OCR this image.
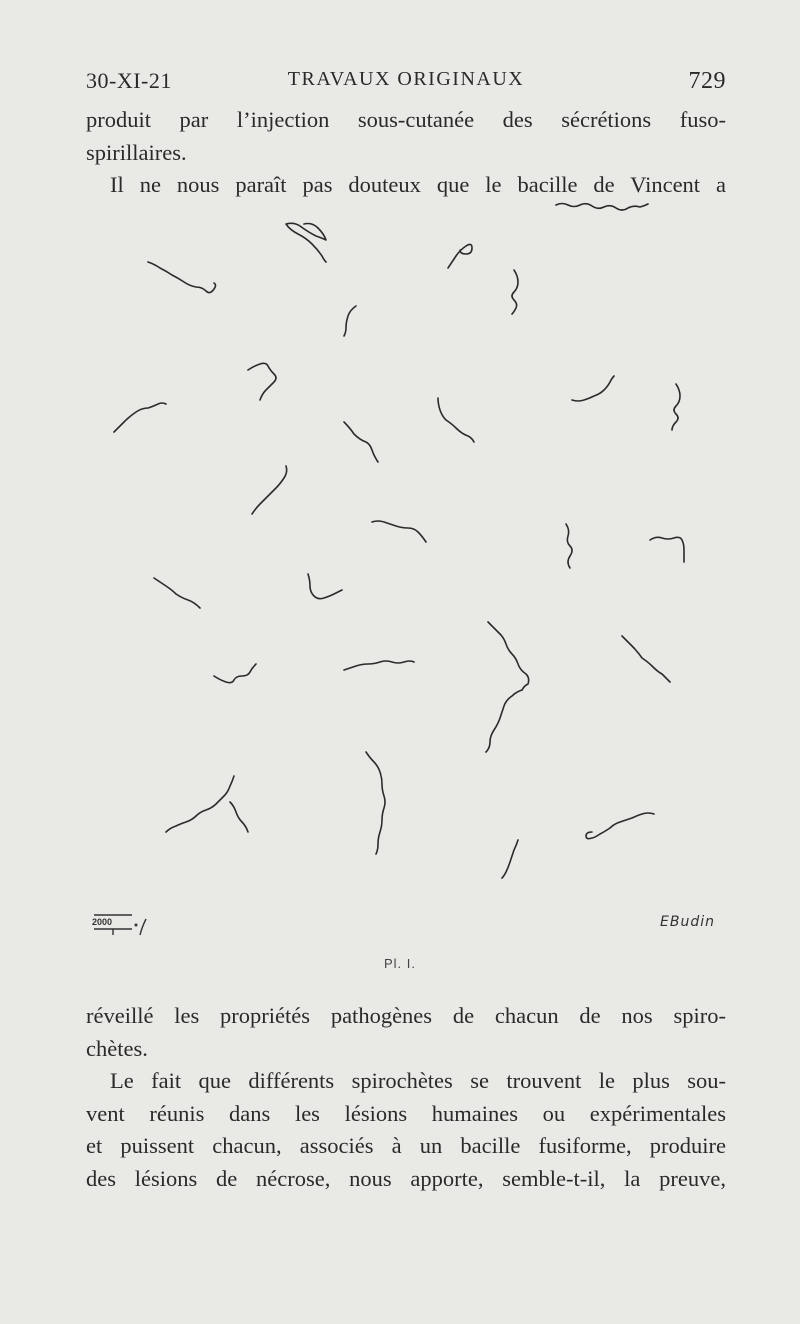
30-XI-21	TRAVAUX ORIGINAUX	729
produit par l’injection sous-cutanée des sécrétions fuso-
spirillaires.
Il ne nous paraît pas douteux que le bacille de Vincent a
2000	EBudin
Pl. I.
réveillé les propriétés pathogènes de chacun de nos spiro-
chètes.
Le fait que différents spirochètes se trouvent le plus sou-
vent réunis dans les lésions humaines ou expérimentales
et puissent chacun, associés à un bacille fusiforme, produire
des lésions de nécrose, nous apporte, semble-t-il, la preuve,
